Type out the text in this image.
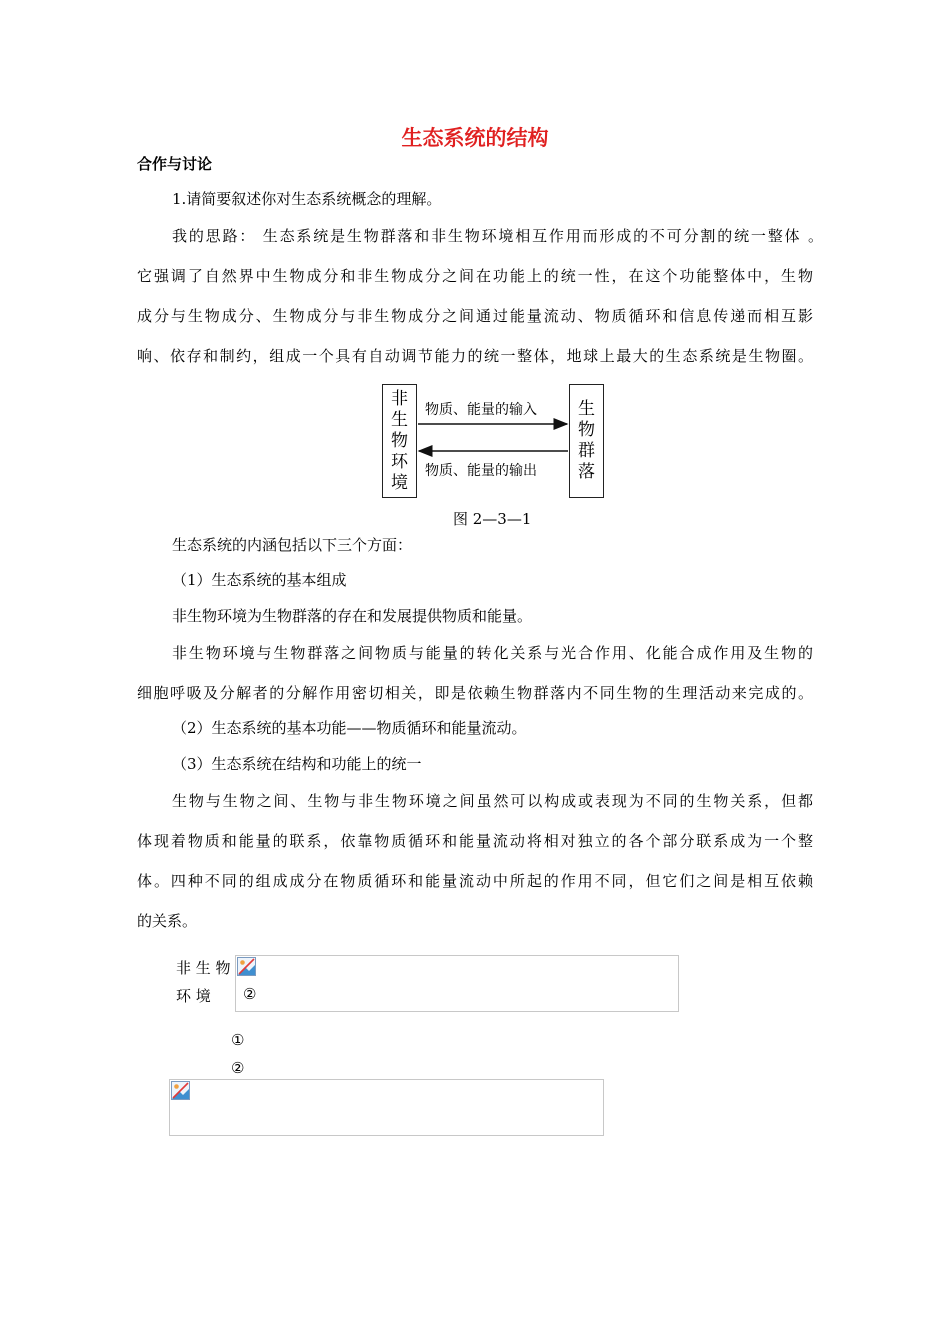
生态系统的结构
合作与讨论
1.请简要叙述你对生态系统概念的理解。
我的思路： 生态系统是生物群落和非生物环境相互作用而形成的不可分割的统一整体 。
它强调了自然界中生物成分和非生物成分之间在功能上的统一性，在这个功能整体中，生物
成分与生物成分、生物成分与非生物成分之间通过能量流动、物质循环和信息传递而相互影
响、依存和制约，组成一个具有自动调节能力的统一整体，地球上最大的生态系统是生物圈。
非
生
物
环
境
生
物
群
落
物质、能量的输入
物质、能量的输出
图 2—3—1
生态系统的内涵包括以下三个方面：
（1）生态系统的基本组成
非生物环境为生物群落的存在和发展提供物质和能量。
非生物环境与生物群落之间物质与能量的转化关系与光合作用、化能合成作用及生物的
细胞呼吸及分解者的分解作用密切相关，即是依赖生物群落内不同生物的生理活动来完成的。
（2）生态系统的基本功能——物质循环和能量流动。
（3）生态系统在结构和功能上的统一
生物与生物之间、生物与非生物环境之间虽然可以构成或表现为不同的生物关系，但都
体现着物质和能量的联系，依靠物质循环和能量流动将相对独立的各个部分联系成为一个整
体。四种不同的组成成分在物质循环和能量流动中所起的作用不同，但它们之间是相互依赖
的关系。
非 生 物
环 境 ②
①
②
